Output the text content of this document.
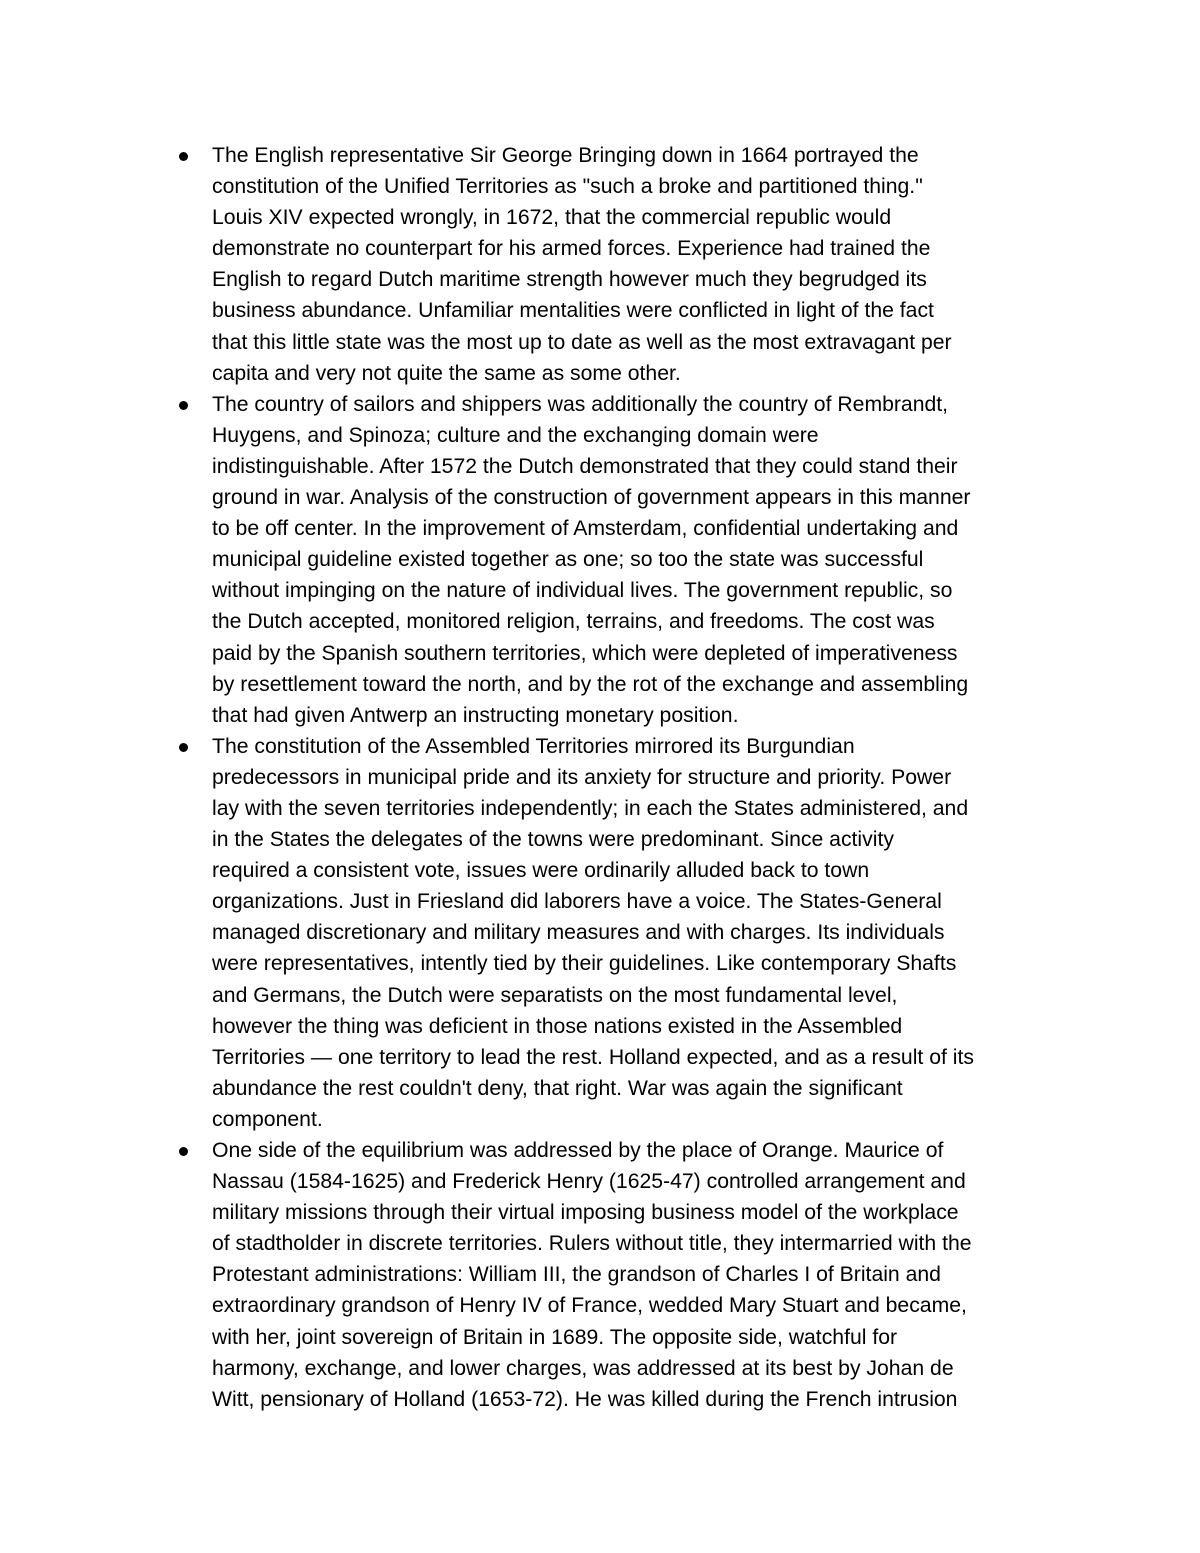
The English representative Sir George Bringing down in 1664 portrayed the
constitution of the Unified Territories as "such a broke and partitioned thing."
Louis XIV expected wrongly, in 1672, that the commercial republic would
demonstrate no counterpart for his armed forces. Experience had trained the
English to regard Dutch maritime strength however much they begrudged its
business abundance. Unfamiliar mentalities were conflicted in light of the fact
that this little state was the most up to date as well as the most extravagant per
capita and very not quite the same as some other.
The country of sailors and shippers was additionally the country of Rembrandt,
Huygens, and Spinoza; culture and the exchanging domain were
indistinguishable. After 1572 the Dutch demonstrated that they could stand their
ground in war. Analysis of the construction of government appears in this manner
to be off center. In the improvement of Amsterdam, confidential undertaking and
municipal guideline existed together as one; so too the state was successful
without impinging on the nature of individual lives. The government republic, so
the Dutch accepted, monitored religion, terrains, and freedoms. The cost was
paid by the Spanish southern territories, which were depleted of imperativeness
by resettlement toward the north, and by the rot of the exchange and assembling
that had given Antwerp an instructing monetary position.
The constitution of the Assembled Territories mirrored its Burgundian
predecessors in municipal pride and its anxiety for structure and priority. Power
lay with the seven territories independently; in each the States administered, and
in the States the delegates of the towns were predominant. Since activity
required a consistent vote, issues were ordinarily alluded back to town
organizations. Just in Friesland did laborers have a voice. The States-General
managed discretionary and military measures and with charges. Its individuals
were representatives, intently tied by their guidelines. Like contemporary Shafts
and Germans, the Dutch were separatists on the most fundamental level,
however the thing was deficient in those nations existed in the Assembled
Territories — one territory to lead the rest. Holland expected, and as a result of its
abundance the rest couldn't deny, that right. War was again the significant
component.
One side of the equilibrium was addressed by the place of Orange. Maurice of
Nassau (1584-1625) and Frederick Henry (1625-47) controlled arrangement and
military missions through their virtual imposing business model of the workplace
of stadtholder in discrete territories. Rulers without title, they intermarried with the
Protestant administrations: William III, the grandson of Charles I of Britain and
extraordinary grandson of Henry IV of France, wedded Mary Stuart and became,
with her, joint sovereign of Britain in 1689. The opposite side, watchful for
harmony, exchange, and lower charges, was addressed at its best by Johan de
Witt, pensionary of Holland (1653-72). He was killed during the French intrusion
